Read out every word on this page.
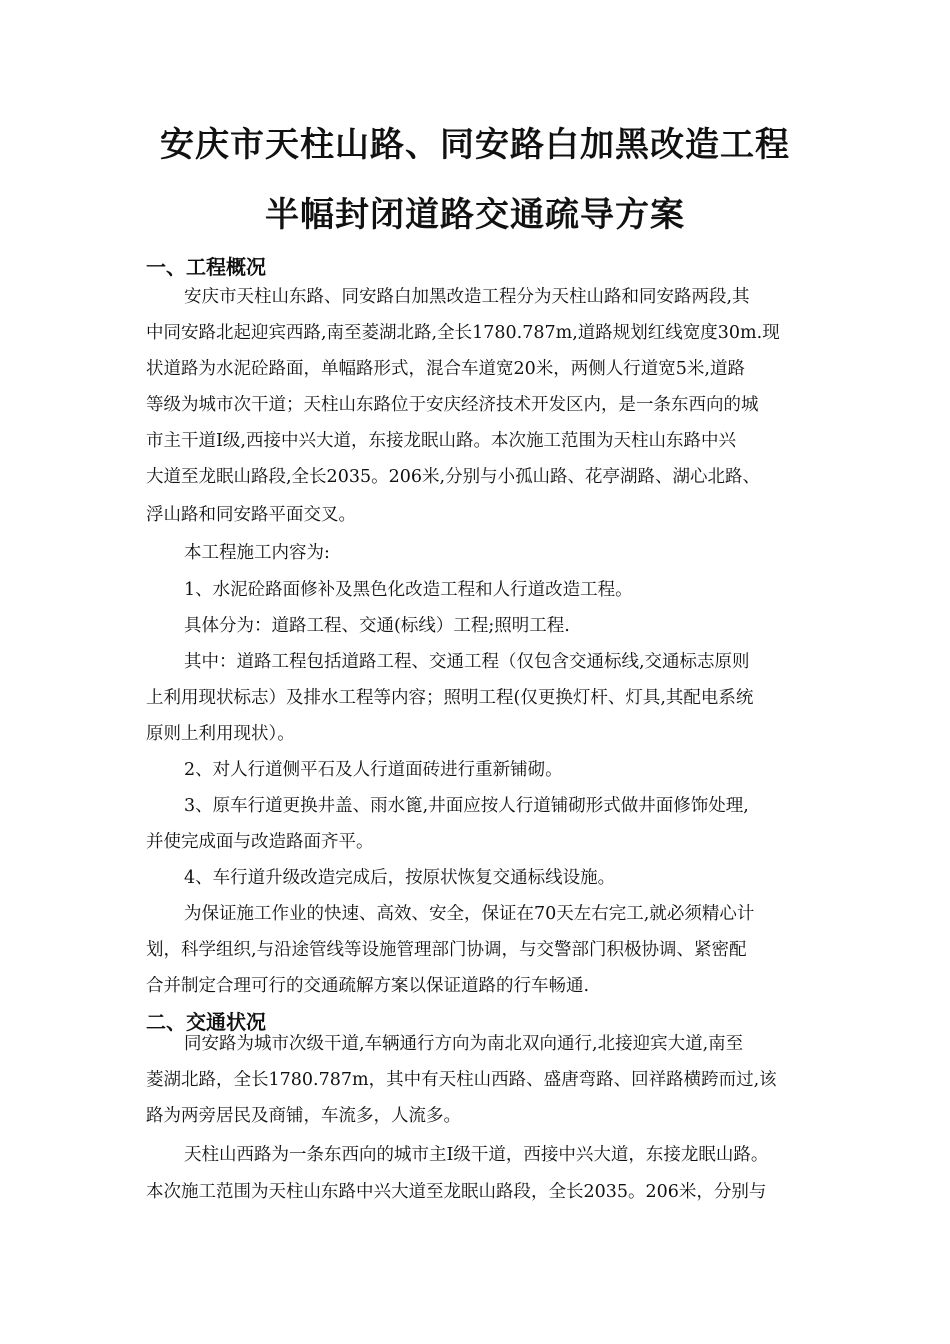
安庆市天柱山路、同安路白加黑改造工程
半幅封闭道路交通疏导方案
一、工程概况
安庆市天柱山东路、同安路白加黑改造工程分为天柱山路和同安路两段,其
中同安路北起迎宾西路,南至菱湖北路,全长1780.787m,道路规划红线宽度30m.现
状道路为水泥砼路面，单幅路形式，混合车道宽20米，两侧人行道宽5米,道路
等级为城市次干道；天柱山东路位于安庆经济技术开发区内，是一条东西向的城
市主干道Ⅰ级,西接中兴大道，东接龙眠山路。本次施工范围为天柱山东路中兴
大道至龙眠山路段,全长2035。206米,分别与小孤山路、花亭湖路、湖心北路、
浮山路和同安路平面交叉。
本工程施工内容为:
1、水泥砼路面修补及黑色化改造工程和人行道改造工程。
具体分为：道路工程、交通(标线）工程;照明工程.
其中：道路工程包括道路工程、交通工程（仅包含交通标线,交通标志原则
上利用现状标志）及排水工程等内容；照明工程(仅更换灯杆、灯具,其配电系统
原则上利用现状）。
2、对人行道侧平石及人行道面砖进行重新铺砌。
3、原车行道更换井盖、雨水篦,井面应按人行道铺砌形式做井面修饰处理,
并使完成面与改造路面齐平。
4、车行道升级改造完成后，按原状恢复交通标线设施。
为保证施工作业的快速、高效、安全，保证在70天左右完工,就必须精心计
划，科学组织,与沿途管线等设施管理部门协调，与交警部门积极协调、紧密配
合并制定合理可行的交通疏解方案以保证道路的行车畅通.
二、交通状况
同安路为城市次级干道,车辆通行方向为南北双向通行,北接迎宾大道,南至
菱湖北路，全长1780.787m，其中有天柱山西路、盛唐弯路、回祥路横跨而过,该
路为两旁居民及商铺，车流多，人流多。
天柱山西路为一条东西向的城市主Ⅰ级干道，西接中兴大道，东接龙眠山路。
本次施工范围为天柱山东路中兴大道至龙眠山路段，全长2035。206米，分别与
